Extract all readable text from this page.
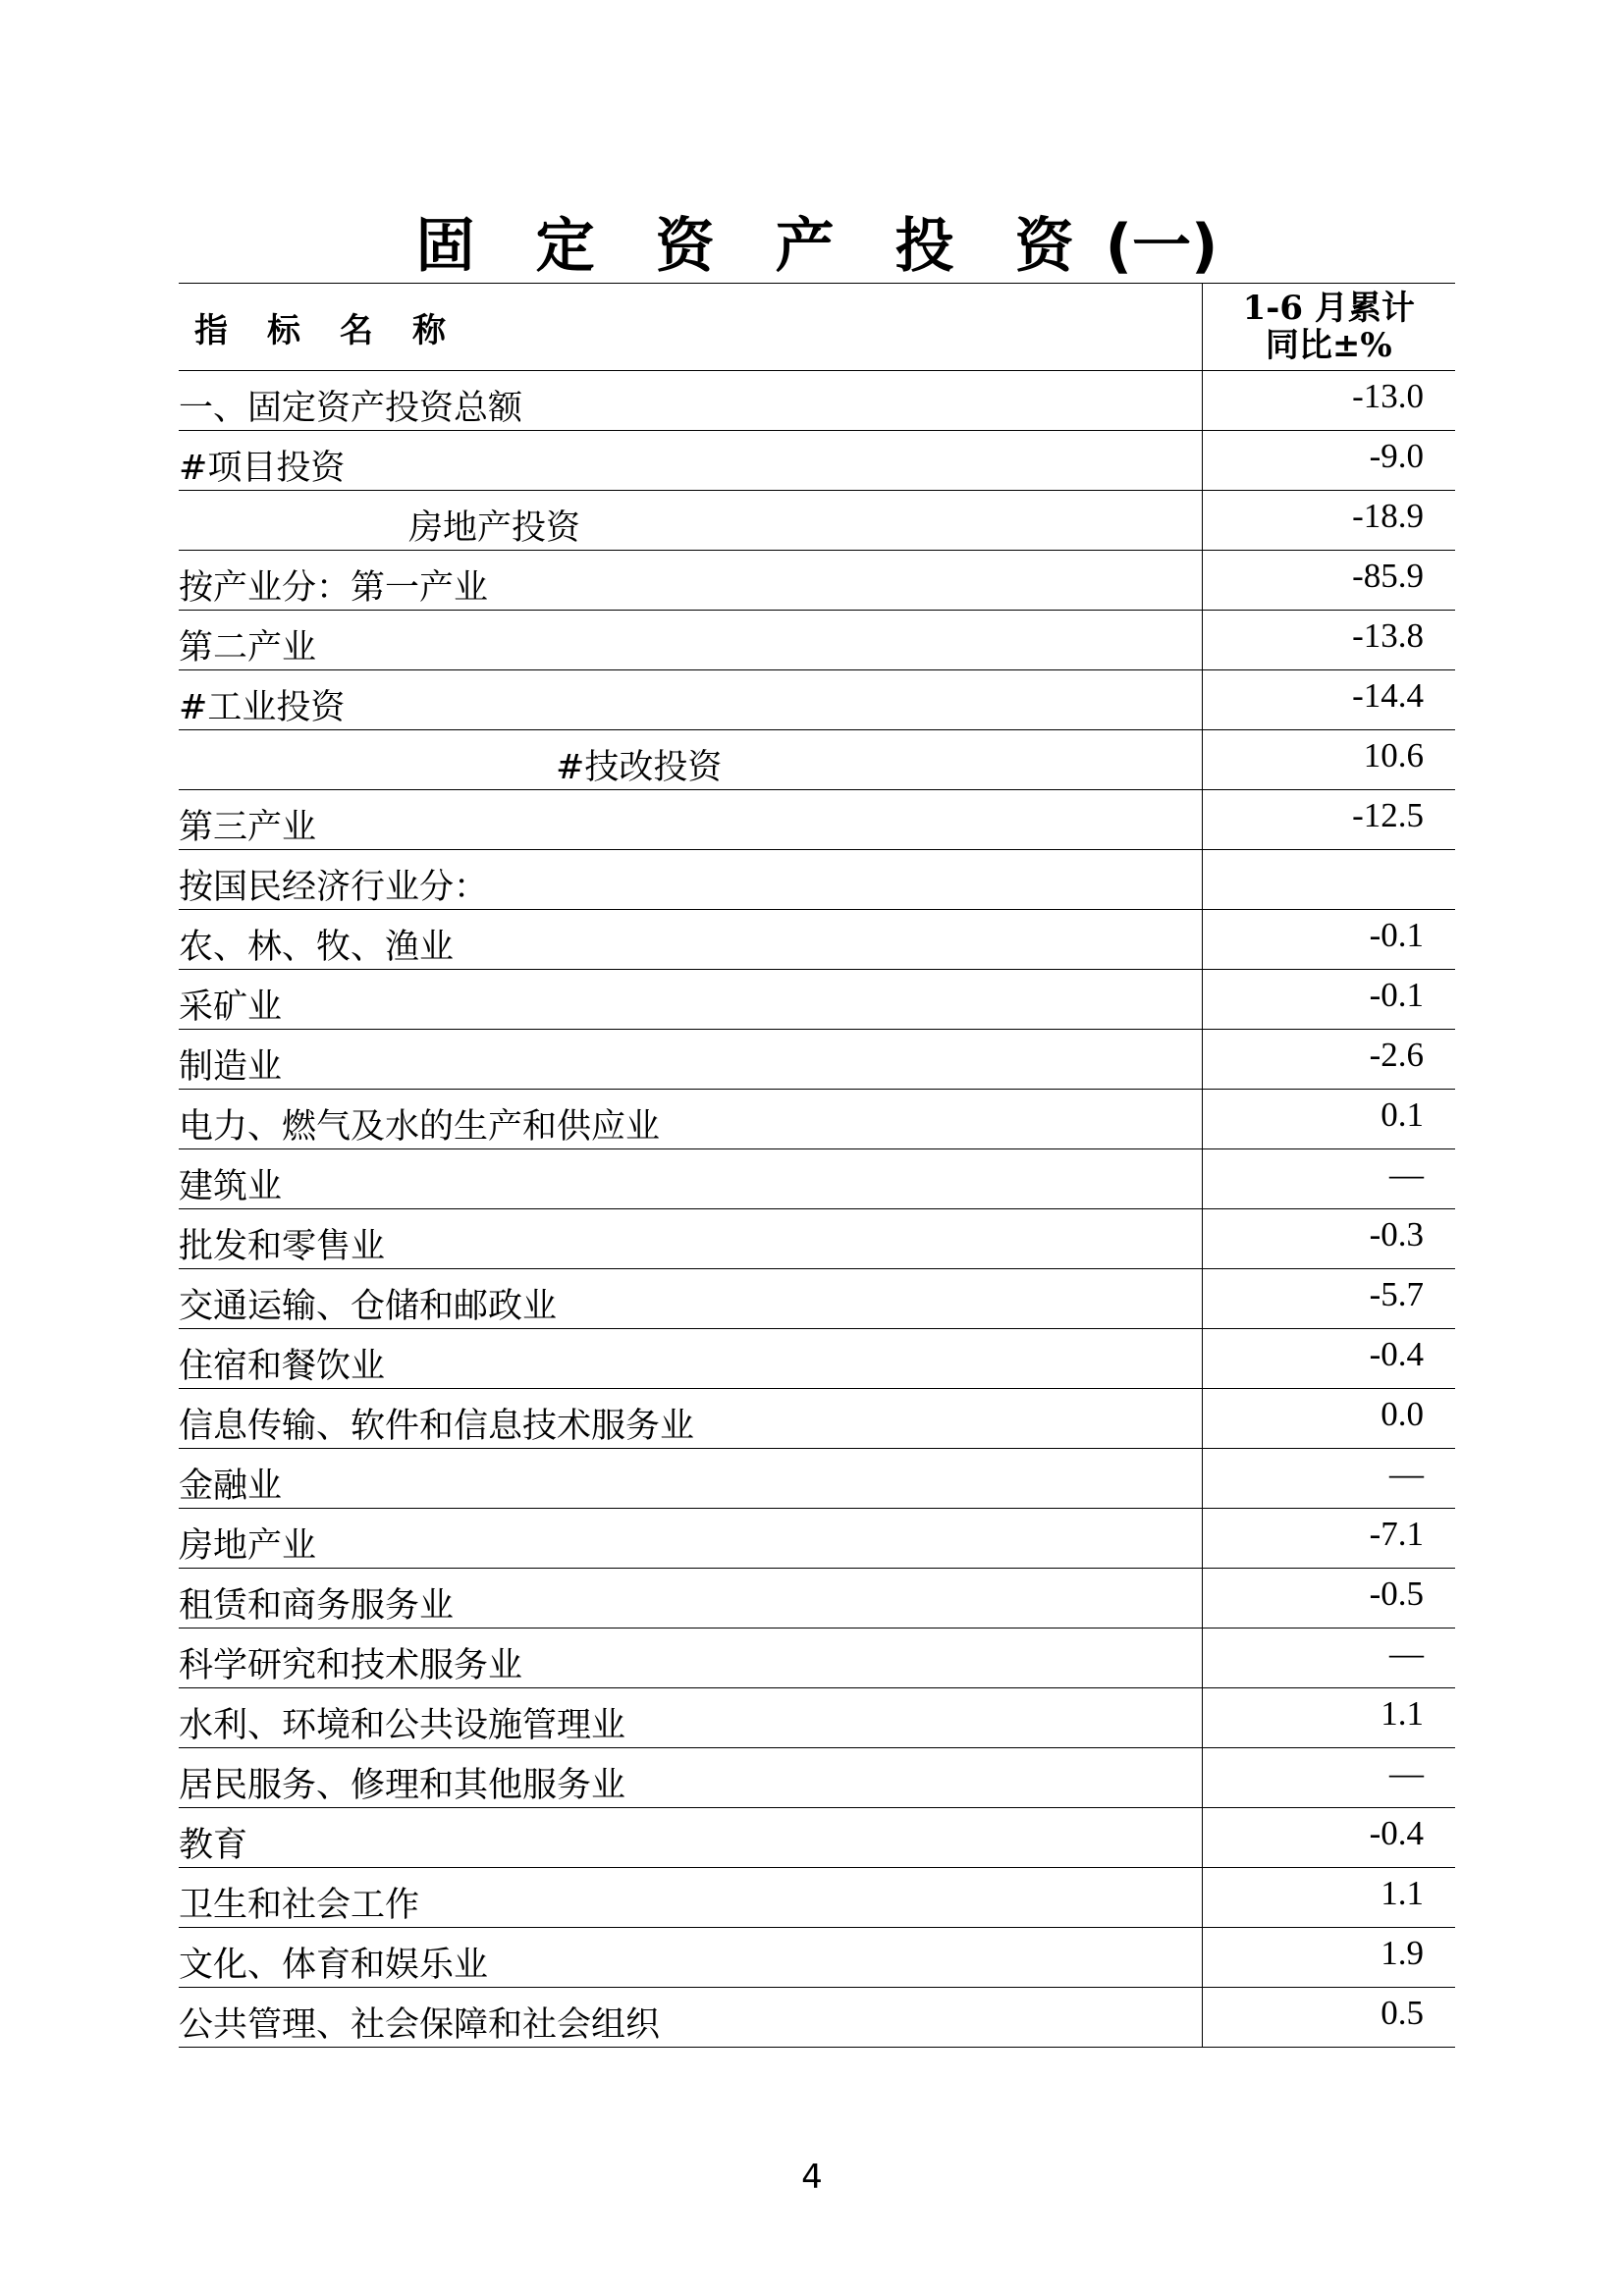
固定资产投资
(一)
指标名称	1-6 月累计
同比±%

一、固定资产投资总额	-13.0
#项目投资	-9.0
房地产投资	-18.9
按产业分：第一产业	-85.9
第二产业	-13.8
#工业投资	-14.4
#技改投资	10.6
第三产业	-12.5
按国民经济行业分：	
农、林、牧、渔业	-0.1
采矿业	-0.1
制造业	-2.6
电力、燃气及水的生产和供应业	0.1
建筑业	—
批发和零售业	-0.3
交通运输、仓储和邮政业	-5.7
住宿和餐饮业	-0.4
信息传输、软件和信息技术服务业	0.0
金融业	—
房地产业	-7.1
租赁和商务服务业	-0.5
科学研究和技术服务业	—
水利、环境和公共设施管理业	1.1
居民服务、修理和其他服务业	—
教育	-0.4
卫生和社会工作	1.1
文化、体育和娱乐业	1.9
公共管理、社会保障和社会组织	0.5
4
